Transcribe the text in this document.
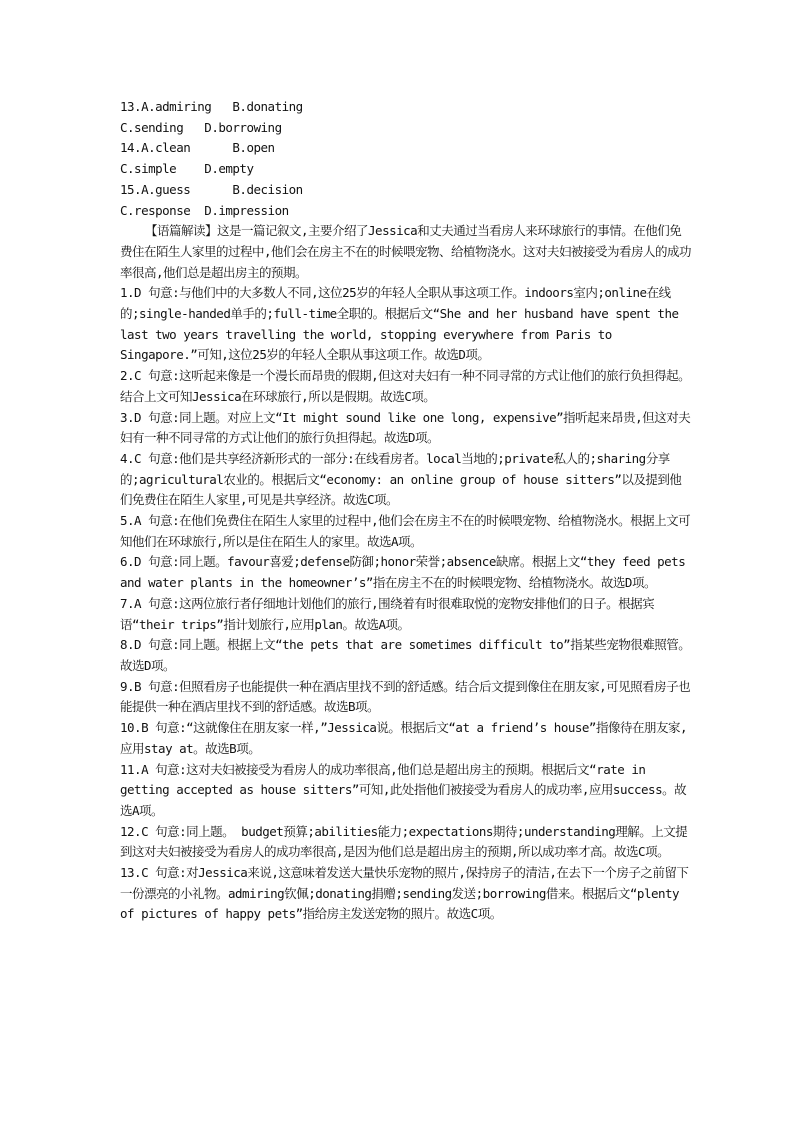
13.A.admiring   B.donating
C.sending   D.borrowing
14.A.clean      B.open
C.simple    D.empty
15.A.guess      B.decision
C.response  D.impression
【语篇解读】这是一篇记叙文,主要介绍了Jessica和丈夫通过当看房人来环球旅行的事情。在他们免费住在陌生人家里的过程中,他们会在房主不在的时候喂宠物、给植物浇水。这对夫妇被接受为看房人的成功率很高,他们总是超出房主的预期。
1.D 句意:与他们中的大多数人不同,这位25岁的年轻人全职从事这项工作。indoors室内;online在线的;single-handed单手的;full-time全职的。根据后文“She and her husband have spent the last two years travelling the world, stopping everywhere from Paris to Singapore.”可知,这位25岁的年轻人全职从事这项工作。故选D项。
2.C 句意:这听起来像是一个漫长而昂贵的假期,但这对夫妇有一种不同寻常的方式让他们的旅行负担得起。结合上文可知Jessica在环球旅行,所以是假期。故选C项。
3.D 句意:同上题。对应上文“It might sound like one long, expensive”指听起来昂贵,但这对夫妇有一种不同寻常的方式让他们的旅行负担得起。故选D项。
4.C 句意:他们是共享经济新形式的一部分:在线看房者。local当地的;private私人的;sharing分享的;agricultural农业的。根据后文“economy: an online group of house sitters”以及提到他们免费住在陌生人家里,可见是共享经济。故选C项。
5.A 句意:在他们免费住在陌生人家里的过程中,他们会在房主不在的时候喂宠物、给植物浇水。根据上文可知他们在环球旅行,所以是住在陌生人的家里。故选A项。
6.D 句意:同上题。favour喜爱;defense防御;honor荣誉;absence缺席。根据上文“they feed pets and water plants in the homeowner’s”指在房主不在的时候喂宠物、给植物浇水。故选D项。
7.A 句意:这两位旅行者仔细地计划他们的旅行,围绕着有时很难取悦的宠物安排他们的日子。根据宾语“their trips”指计划旅行,应用plan。故选A项。
8.D 句意:同上题。根据上文“the pets that are sometimes difficult to”指某些宠物很难照管。故选D项。
9.B 句意:但照看房子也能提供一种在酒店里找不到的舒适感。结合后文提到像住在朋友家,可见照看房子也能提供一种在酒店里找不到的舒适感。故选B项。
10.B 句意:“这就像住在朋友家一样,”Jessica说。根据后文“at a friend’s house”指像待在朋友家,应用stay at。故选B项。
11.A 句意:这对夫妇被接受为看房人的成功率很高,他们总是超出房主的预期。根据后文“rate in getting accepted as house sitters”可知,此处指他们被接受为看房人的成功率,应用success。故选A项。
12.C 句意:同上题。 budget预算;abilities能力;expectations期待;understanding理解。上文提到这对夫妇被接受为看房人的成功率很高,是因为他们总是超出房主的预期,所以成功率才高。故选C项。
13.C 句意:对Jessica来说,这意味着发送大量快乐宠物的照片,保持房子的清洁,在去下一个房子之前留下一份漂亮的小礼物。admiring钦佩;donating捐赠;sending发送;borrowing借来。根据后文“plenty of pictures of happy pets”指给房主发送宠物的照片。故选C项。
